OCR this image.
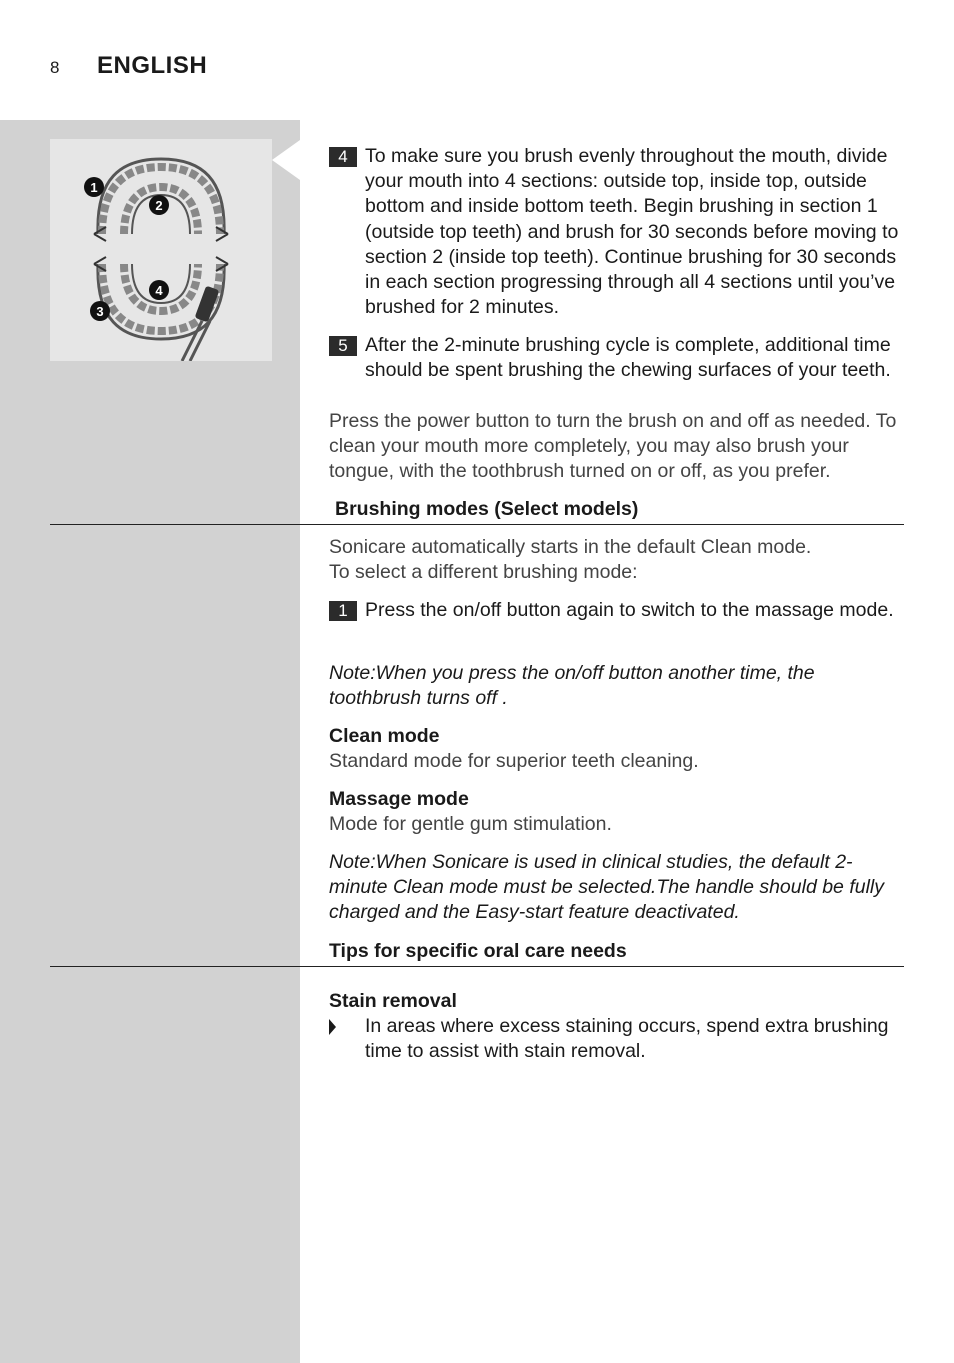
8 ENGLISH
1
2
3
4
4 To make sure you brush evenly throughout the mouth, divide your mouth into 4 sections: outside top, inside top, outside bottom and inside bottom teeth. Begin brushing in section 1 (outside top teeth) and brush for 30 seconds before moving to section 2 (inside top teeth). Continue brushing for 30 seconds in each section progressing through all 4 sections until you’ve brushed for 2 minutes.
5 After the 2-minute brushing cycle is complete, additional time should be spent brushing the chewing surfaces of your teeth.
Press the power button to turn the brush on and off as needed. To clean your mouth more completely, you may also brush your tongue, with the toothbrush turned on or off, as you prefer.
Brushing modes (Select models)
Sonicare automatically starts in the default Clean mode.
To select a different brushing mode:
1 Press the on/off button again to switch to the massage mode.
Note:When you press the on/off button another time, the toothbrush turns off .
Clean mode
Standard mode for superior teeth cleaning.
Massage mode
Mode for gentle gum stimulation.
Note:When Sonicare is used in clinical studies, the default 2-minute Clean mode must be selected.The handle should be fully charged and the Easy-start feature deactivated.
Tips for specific oral care needs
Stain removal
In areas where excess staining occurs, spend extra brushing time to assist with stain removal.
